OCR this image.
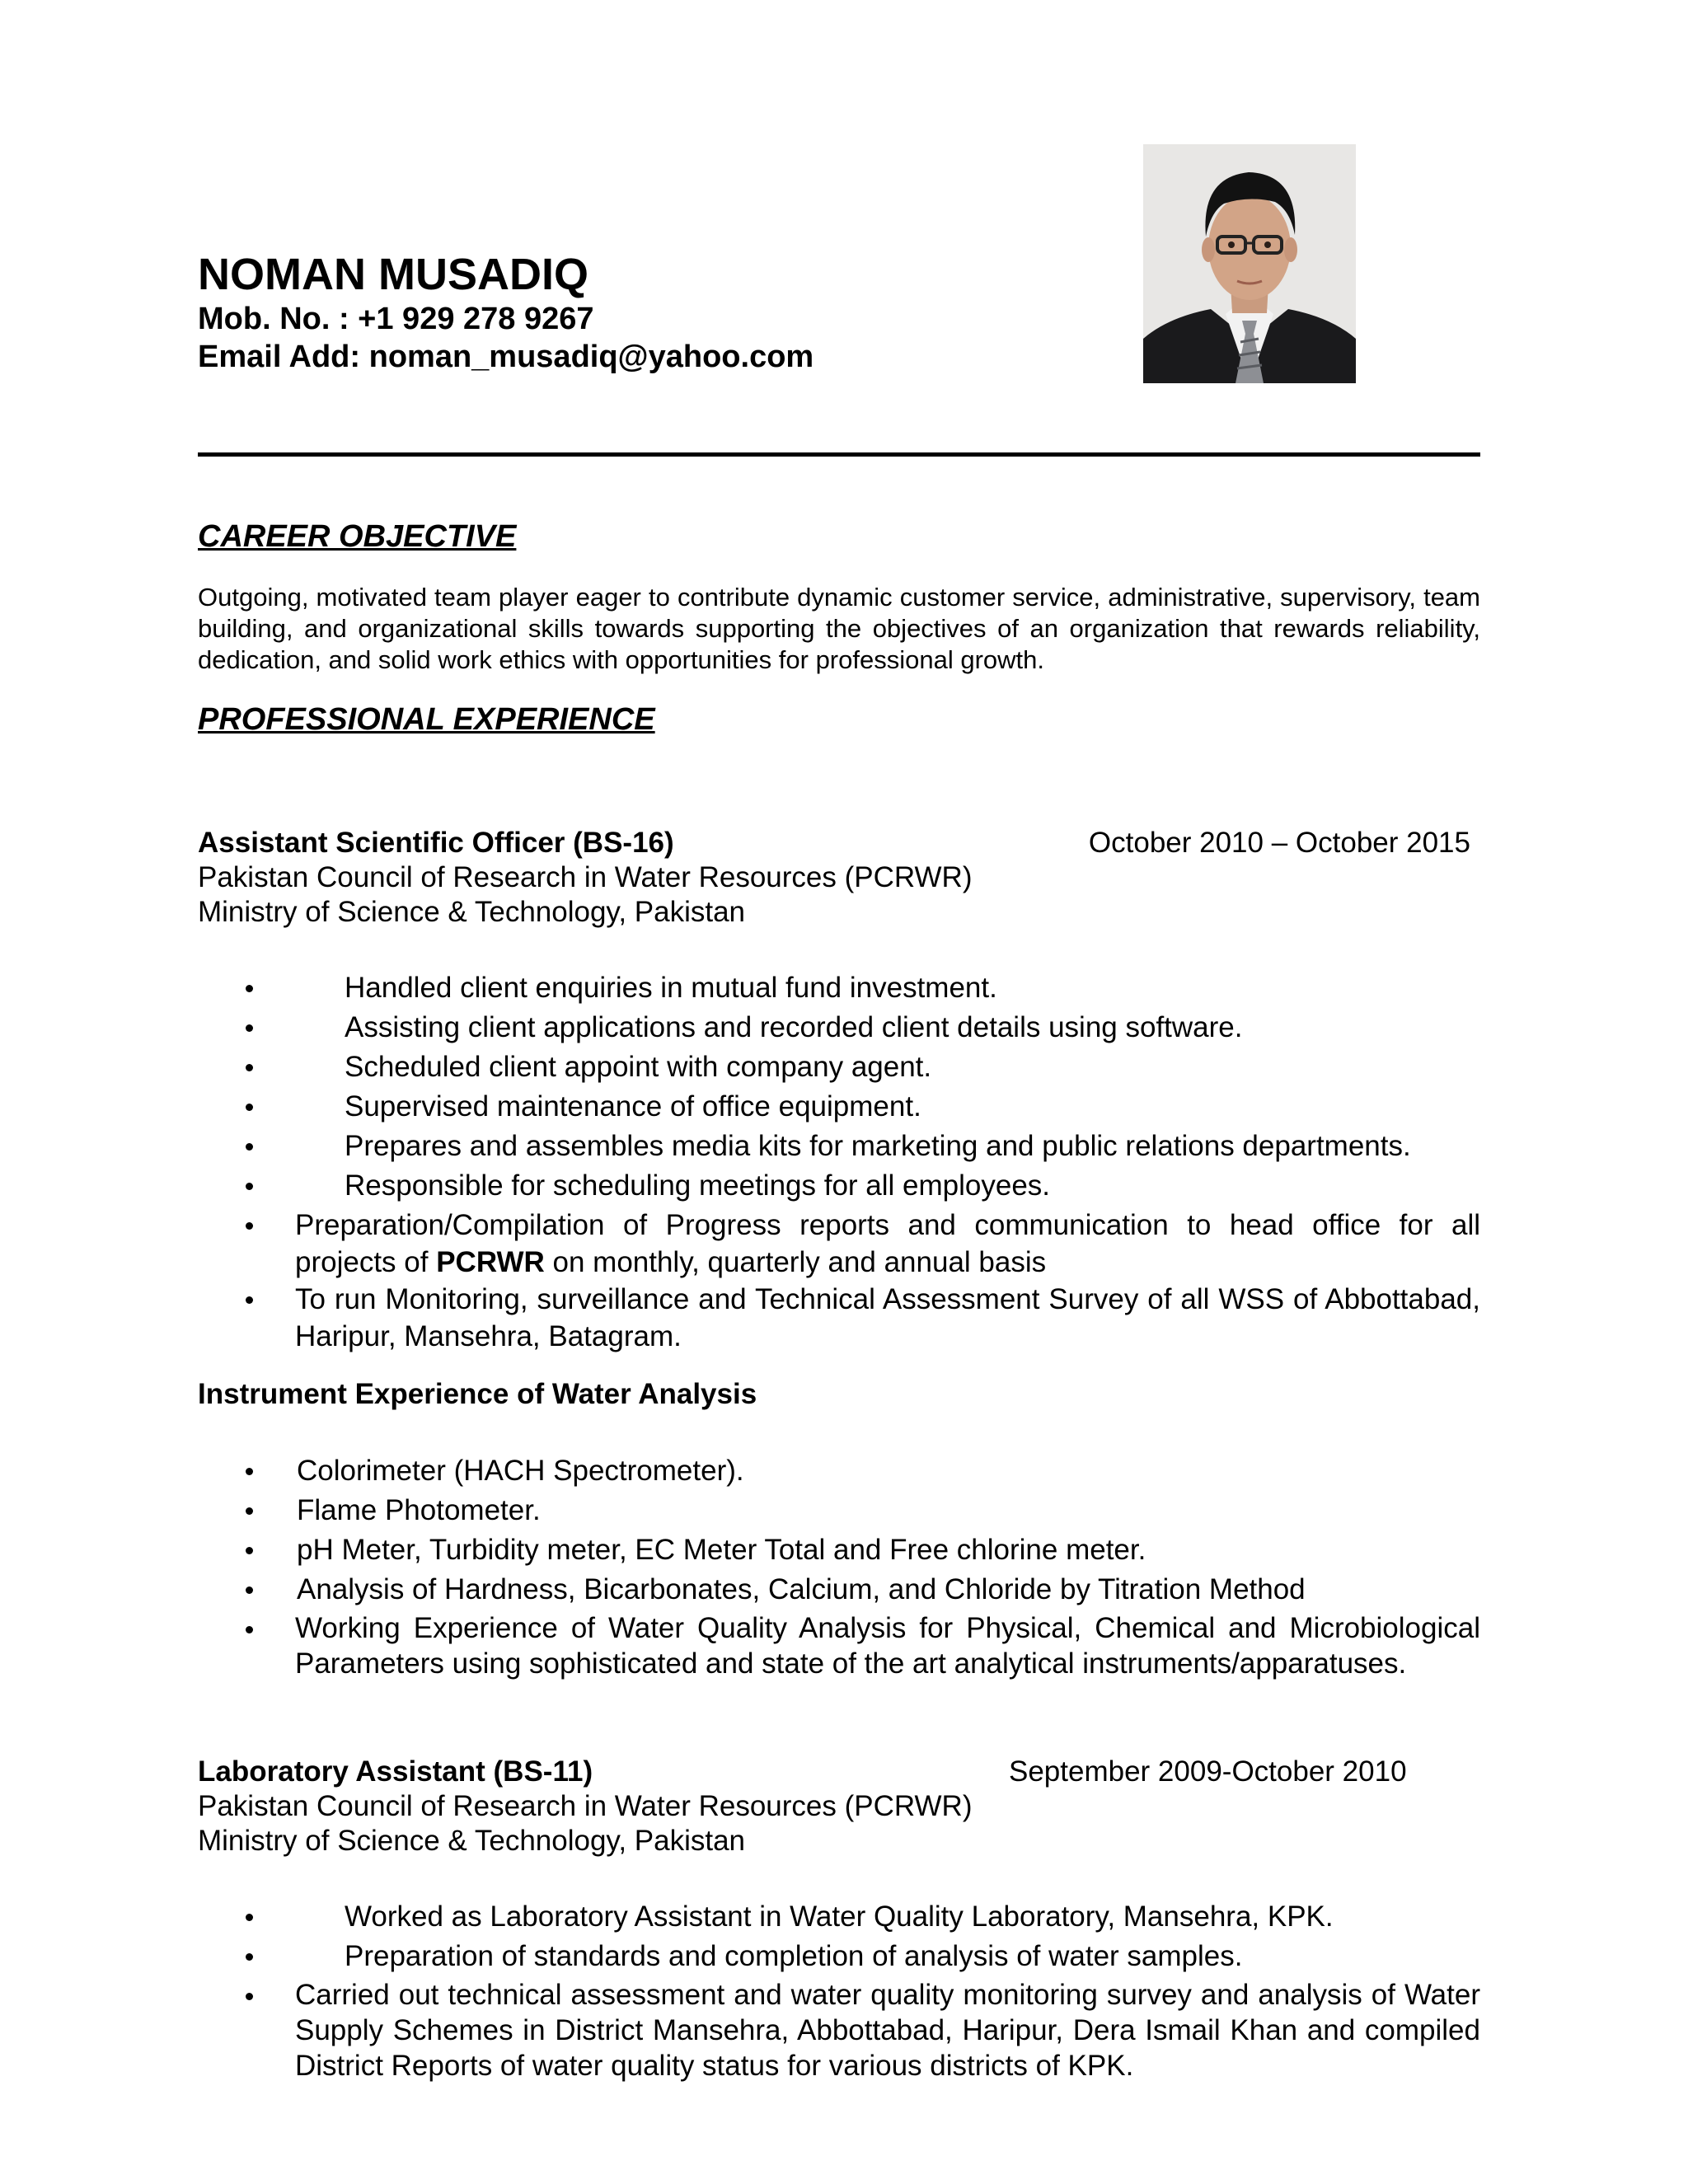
NOMAN MUSADIQ
Mob. No. : +1 929 278 9267
Email Add: noman_musadiq@yahoo.com
CAREER OBJECTIVE
Outgoing, motivated team player eager to contribute dynamic customer service, administrative, supervisory, team building, and organizational skills towards supporting the objectives of an organization that rewards reliability, dedication, and solid work ethics with opportunities for professional growth.
PROFESSIONAL EXPERIENCE
Assistant Scientific Officer (BS-16)	October 2010 – October 2015
Pakistan Council of Research in Water Resources (PCRWR)
Ministry of Science & Technology, Pakistan
Handled client enquiries in mutual fund investment.
Assisting client applications and recorded client details using software.
Scheduled client appoint with company agent.
Supervised maintenance of office equipment.
Prepares and assembles media kits for marketing and public relations departments.
Responsible for scheduling meetings for all employees.
Preparation/Compilation of Progress reports and communication to head office for all projects of PCRWR on monthly, quarterly and annual basis
To run Monitoring, surveillance and Technical Assessment Survey of all WSS of Abbottabad, Haripur, Mansehra, Batagram.
Instrument Experience of Water Analysis
Colorimeter (HACH Spectrometer).
Flame Photometer.
pH Meter, Turbidity meter, EC Meter Total and Free chlorine meter.
Analysis of Hardness, Bicarbonates, Calcium, and Chloride by Titration Method
Working Experience of Water Quality Analysis for Physical, Chemical and Microbiological Parameters using sophisticated and state of the art analytical instruments/apparatuses.
Laboratory Assistant (BS-11)	September 2009-October 2010
Pakistan Council of Research in Water Resources (PCRWR)
Ministry of Science & Technology, Pakistan
Worked as Laboratory Assistant in Water Quality Laboratory, Mansehra, KPK.
Preparation of standards and completion of analysis of water samples.
Carried out technical assessment and water quality monitoring survey and analysis of Water Supply Schemes in District Mansehra, Abbottabad, Haripur, Dera Ismail Khan and compiled District Reports of water quality status for various districts of KPK.
